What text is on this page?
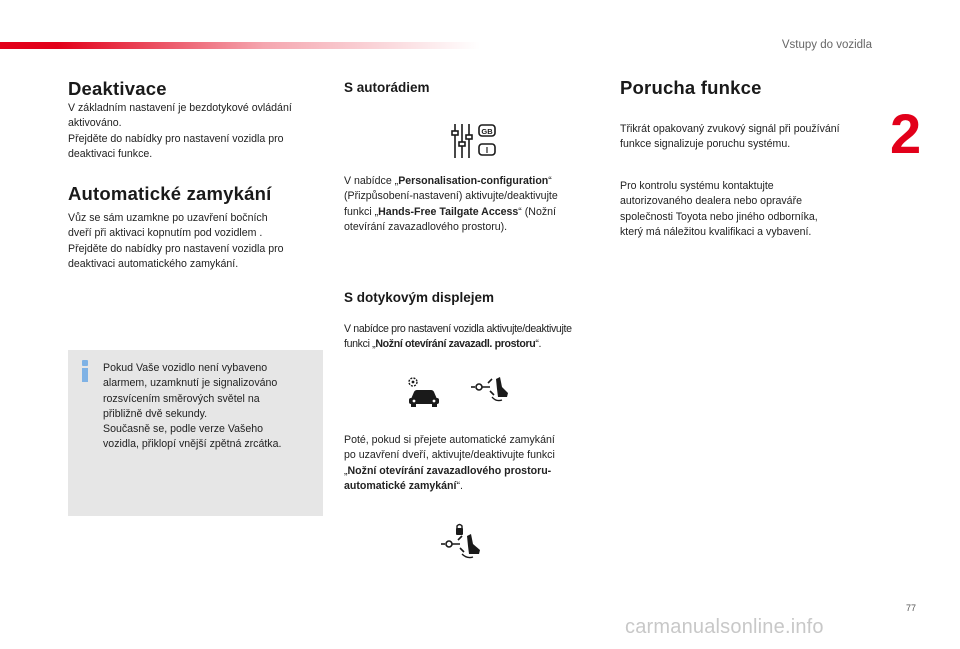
Vstupy do vozidla
2
Deaktivace

V základním nastavení je bezdotykové ovládání

aktivováno.

Přejděte do nabídky pro nastavení vozidla pro

deaktivaci funkce.

Automatické zamykání

Vůz se sám uzamkne po uzavření bočních

dveří při aktivaci kopnutím pod vozidlem .

Přejděte do nabídky pro nastavení vozidla pro

deaktivaci automatického zamykání.

Pokud Vaše vozidlo není vybaveno
alarmem, uzamknutí je signalizováno
rozsvícením směrových světel na
přibližně dvě sekundy.
Současně se, podle verze Vašeho
vozidla, přiklopí vnější zpětná zrcátka.

S autorádiem
GB
I

V nabídce „Personalisation-configuration“

(Přizpůsobení-nastavení) aktivujte/deaktivujte

funkci „Hands-Free Tailgate Access“ (Nožní

otevírání zavazadlového prostoru).

S dotykovým displejem

V nabídce pro nastavení vozidla aktivujte/deaktivujte

funkci „Nožní otevírání zavazadl. prostoru“.

Poté, pokud si přejete automatické zamykání

po uzavření dveří, aktivujte/deaktivujte funkci

„Nožní otevírání zavazadlového prostoru-

automatické zamykání“.

Porucha funkce

Třikrát opakovaný zvukový signál při používání

funkce signalizuje poruchu systému.

Pro kontrolu systému kontaktujte

autorizovaného dealera nebo opraváře

společnosti Toyota nebo jiného odborníka,

který má náležitou kvalifikaci a vybavení.

77
carmanualsonline.info
